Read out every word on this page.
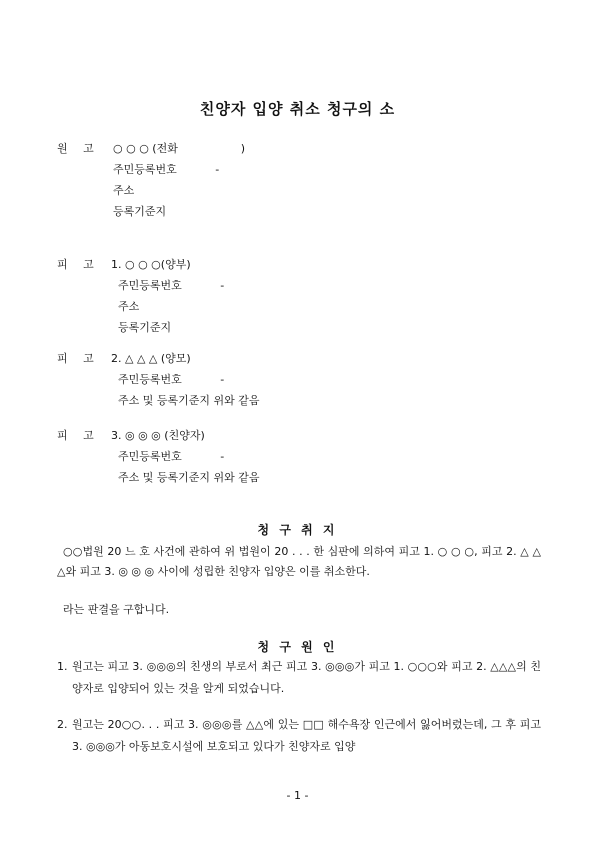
친양자 입양 취소 청구의 소
원 고	○ ○ ○ (전화                  )
주민등록번호           -
주소
등록기준지
피 고	1. ○ ○ ○(양부)
주민등록번호           -
주소
등록기준지
피 고	2. △ △ △ (양모)
주민등록번호           -
주소 및 등록기준지 위와 같음
피 고	3. ◎ ◎ ◎ (친양자)
주민등록번호           -
주소 및 등록기준지 위와 같음
청 구 취 지
○○법원 20 느 호 사건에 관하여 위 법원이 20 . . . 한 심판에 의하여 피고 1. ○ ○ ○, 피고 2. △ △ △와 피고 3. ◎ ◎ ◎ 사이에 성립한 친양자 입양은 이를 취소한다.
라는 판결을 구합니다.
청 구 원 인
1. 원고는 피고 3. ◎◎◎의 친생의 부로서 최근 피고 3. ◎◎◎가 피고 1. ○○○와 피고 2. △△△의 친양자로 입양되어 있는 것을 알게 되었습니다.
2. 원고는 20○○. . . 피고 3. ◎◎◎를 △△에 있는 □□ 해수욕장 인근에서 잃어버렸는데, 그 후 피고 3. ◎◎◎가 아동보호시설에 보호되고 있다가 친양자로 입양
- 1 -
